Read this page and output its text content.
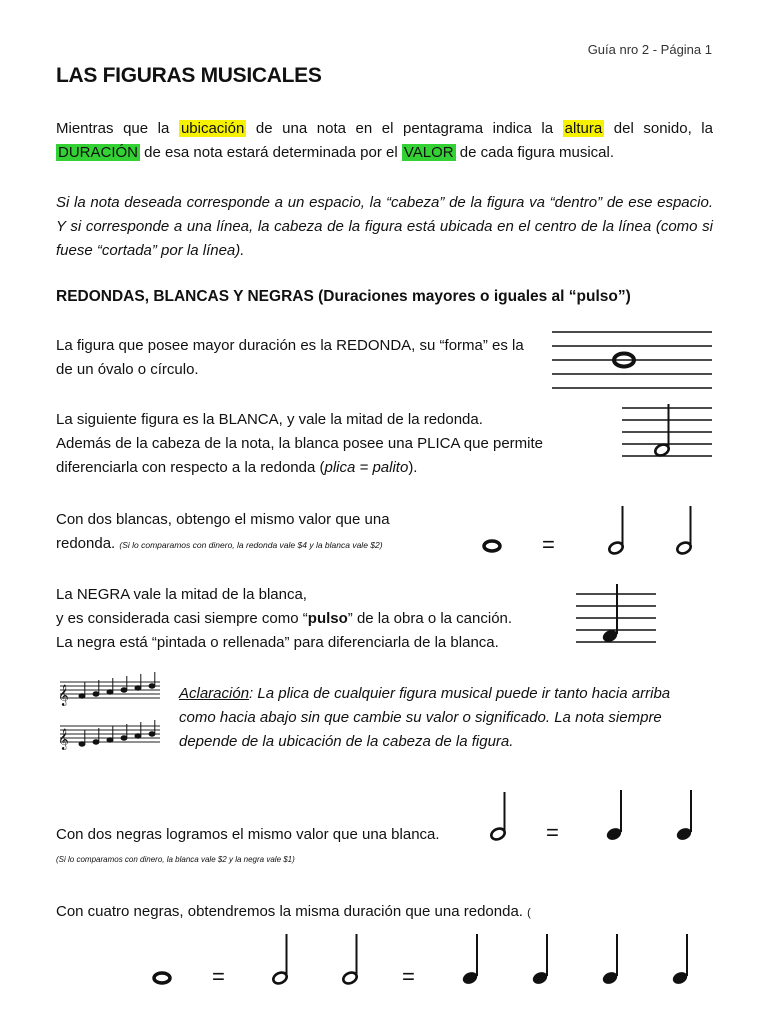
Guía nro 2 - Página 1
LAS FIGURAS MUSICALES
Mientras que la ubicación de una nota en el pentagrama indica la altura del sonido, la DURACIÓN de esa nota estará determinada por el VALOR de cada figura musical.
Si la nota deseada corresponde a un espacio, la “cabeza” de la figura va “dentro” de ese espacio. Y si corresponde a una línea, la cabeza de la figura está ubicada en el centro de la línea (como si fuese “cortada” por la línea).
REDONDAS, BLANCAS Y NEGRAS (Duraciones mayores o iguales al “pulso”)
La figura que posee mayor duración es la REDONDA, su “forma” es la
de un óvalo o círculo.
La siguiente figura es la BLANCA, y vale la mitad de la redonda.
Además de la cabeza de la nota, la blanca posee una PLICA que permite
diferenciarla con respecto a la redonda (plica = palito).
Con dos blancas, obtengo el mismo valor que una
redonda. (Si lo comparamos con dinero, la redonda vale $4 y la blanca vale $2)
La NEGRA vale la mitad de la blanca,
y es considerada casi siempre como “pulso” de la obra o la canción.
La negra está “pintada o rellenada” para diferenciarla de la blanca.
Aclaración: La plica de cualquier figura musical puede ir tanto hacia arriba como hacia abajo sin que cambie su valor o significado. La nota siempre depende de la ubicación de la cabeza de la figura.
Con dos negras logramos el mismo valor que una blanca.
(Si lo comparamos con dinero, la blanca vale $2 y la negra vale $1)
Con cuatro negras, obtendremos la misma duración que una redonda. (
=
𝄞
𝄞
=
=	=
